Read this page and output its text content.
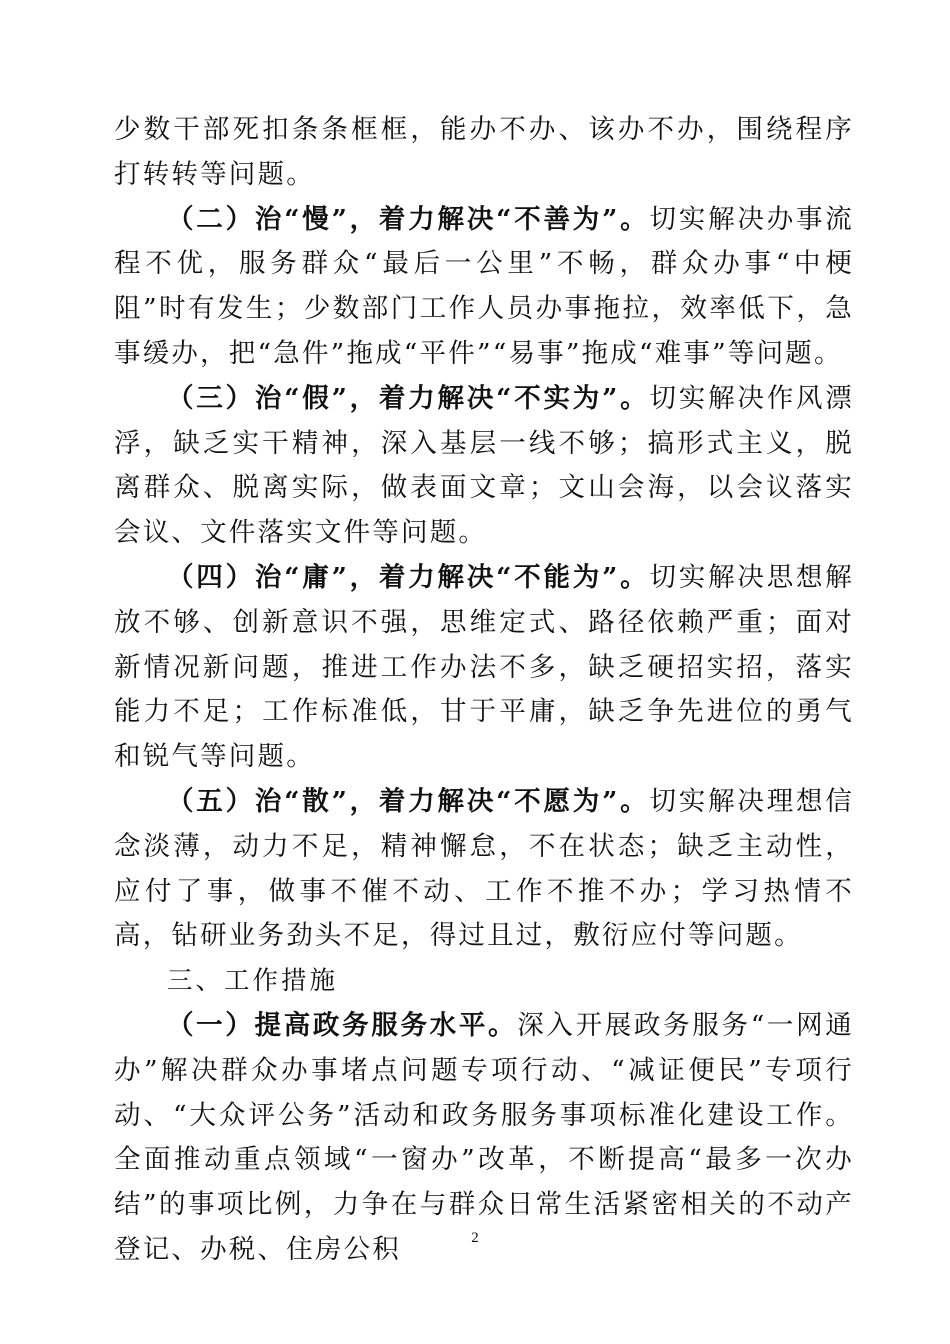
少数干部死扣条条框框，能办不办、该办不办，围绕程序打转转等问题。

（二）治“慢”，着力解决“不善为”。切实解决办事流程不优，服务群众“最后一公里”不畅，群众办事“中梗阻”时有发生；少数部门工作人员办事拖拉，效率低下，急事缓办，把“急件”拖成“平件”“易事”拖成“难事”等问题。

（三）治“假”，着力解决“不实为”。切实解决作风漂浮，缺乏实干精神，深入基层一线不够；搞形式主义，脱离群众、脱离实际，做表面文章；文山会海，以会议落实会议、文件落实文件等问题。

（四）治“庸”，着力解决“不能为”。切实解决思想解放不够、创新意识不强，思维定式、路径依赖严重；面对新情况新问题，推进工作办法不多，缺乏硬招实招，落实能力不足；工作标准低，甘于平庸，缺乏争先进位的勇气和锐气等问题。

（五）治“散”，着力解决“不愿为”。切实解决理想信念淡薄，动力不足，精神懈怠，不在状态；缺乏主动性，应付了事，做事不催不动、工作不推不办；学习热情不高，钻研业务劲头不足，得过且过，敷衍应付等问题。

三、工作措施

（一）提高政务服务水平。深入开展政务服务“一网通办”解决群众办事堵点问题专项行动、“减证便民”专项行动、“大众评公务”活动和政务服务事项标准化建设工作。全面推动重点领域“一窗办”改革，不断提高“最多一次办结”的事项比例，力争在与群众日常生活紧密相关的不动产登记、办税、住房公积	2
